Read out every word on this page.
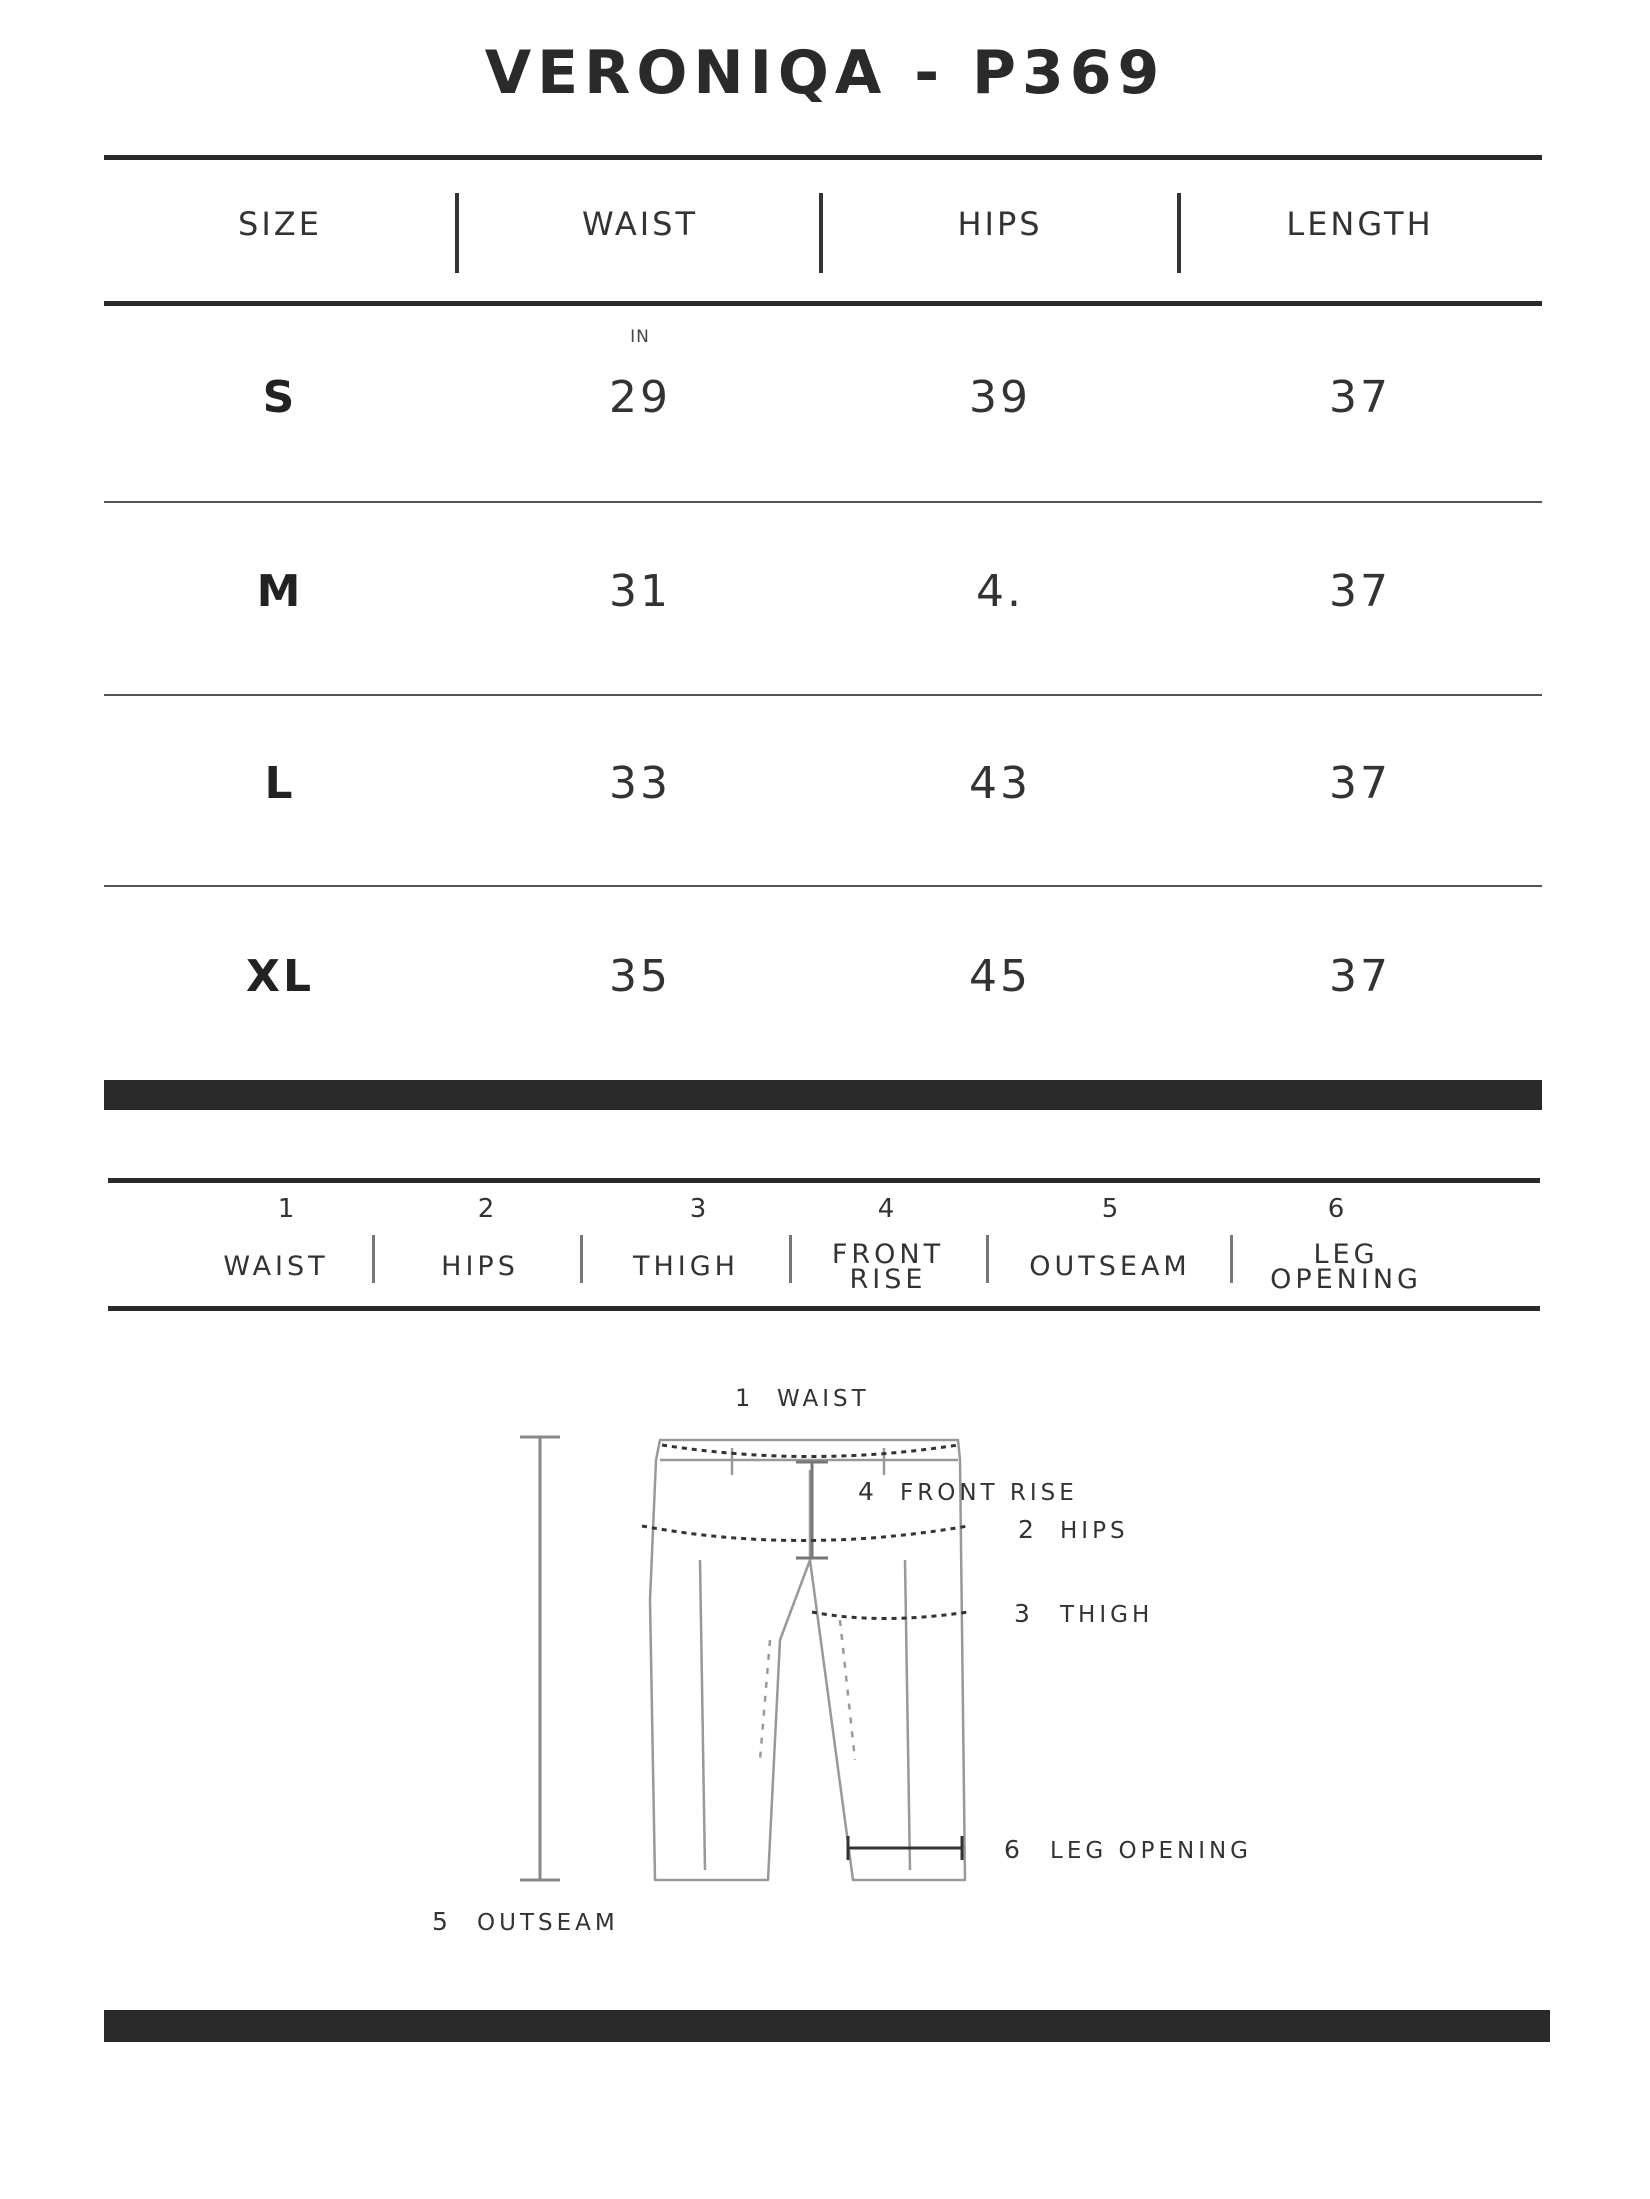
VERONIQA - P369
SIZE	WAIST	HIPS	LENGTH
IN
S	29	39	37
M	31	4.	37
L	33	43	37
XL	35	45	37
1
WAIST
2
HIPS
3
THIGH
4
FRONT
RISE
5
OUTSEAM
6
LEG
OPENING
1 WAIST
4 FRONT RISE
2 HIPS
3 THIGH
6 LEG OPENING
5 OUTSEAM
